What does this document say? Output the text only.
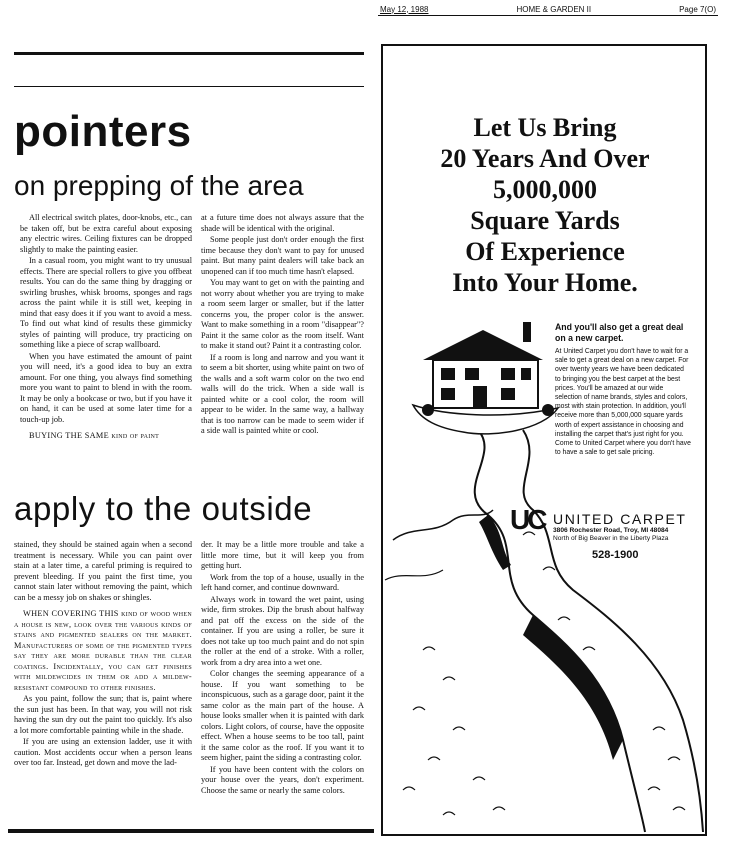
May 12, 1988	HOME & GARDEN II	Page 7(O)
pointers
on prepping of the area

All electrical switch plates, door-knobs, etc., can be taken off, but be extra careful about exposing any electric wires. Ceiling fixtures can be dropped slightly to make the painting easier.

In a casual room, you might want to try unusual effects. There are special rollers to give you offbeat results. You can do the same thing by dragging or swirling brushes, whisk brooms, sponges and rags across the paint while it is still wet, keeping in mind that easy does it if you want to avoid a mess. To find out what kind of results these gimmicky styles of painting will produce, try practicing on something like a piece of scrap wallboard.

When you have estimated the amount of paint you will need, it's a good idea to buy an extra amount. For one thing, you always find something more you want to paint to blend in with the room. It may be only a bookcase or two, but if you have it on hand, it can be used at some later time for a touch-up job.

BUYING THE SAME kind of paint

at a future time does not always assure that the shade will be identical with the original.

Some people just don't order enough the first time because they don't want to pay for unused paint. But many paint dealers will take back an unopened can if too much time hasn't elapsed.

You may want to get on with the painting and not worry about whether you are trying to make a room seem larger or smaller, but if the latter concerns you, the proper color is the answer. Want to make something in a room "disappear"? Paint it the same color as the room itself. Want to make it stand out? Paint it a contrasting color.

If a room is long and narrow and you want it to seem a bit shorter, using white paint on two of the walls and a soft warm color on the two end walls will do the trick. When a side wall is painted white or a cool color, the room will appear to be wider. In the same way, a hallway that is too narrow can be made to seem wider if a side wall is painted white or cool.

apply to the outside

stained, they should be stained again when a second treatment is necessary. While you can paint over stain at a later time, a careful priming is required to prevent bleeding. If you paint the first time, you cannot stain later without removing the paint, which can be a messy job on shakes or shingles.

WHEN COVERING THIS kind of wood when a house is new, look over the various kinds of stains and pigmented sealers on the market. Manufacturers of some of the pigmented types say they are more durable than the clear coatings. Incidentally, you can get finishes with mildewcides in them or add a mildew-resistant compound to other finishes.

As you paint, follow the sun; that is, paint where the sun just has been. In that way, you will not risk having the sun dry out the paint too quickly. It's also a lot more comfortable painting while in the shade.

If you are using an extension ladder, use it with caution. Most accidents occur when a person leans over too far. Instead, get down and move the lad-

der. It may be a little more trouble and take a little more time, but it will keep you from getting hurt.

Work from the top of a house, usually in the left hand corner, and continue downward.

Always work in toward the wet paint, using wide, firm strokes. Dip the brush about halfway and pat off the excess on the side of the container. If you are using a roller, be sure it does not take up too much paint and do not spin the roller at the end of a stroke. With a roller, work from a dry area into a wet one.

Color changes the seeming appearance of a house. If you want something to be inconspicuous, such as a garage door, paint it the same color as the main part of the house. A house looks smaller when it is painted with dark colors. Light colors, of course, have the opposite effect. When a house seems to be too tall, paint it the same color as the roof. If you want it to seem higher, paint the siding a contrasting color.

If you have been content with the colors on your house over the years, don't experiment. Choose the same or nearly the same colors.

Let Us Bring
20 Years And Over
5,000,000
Square Yards
Of Experience
Into Your Home.
And you'll also get a great deal on a new carpet.
At United Carpet you don't have to wait for a sale to get a great deal on a new carpet. For over twenty years we have been dedicated to bringing you the best carpet at the best prices. You'll be amazed at our wide selection of name brands, styles and colors, most with stain protection. In addition, you'll receive more than 5,000,000 square yards worth of expert assistance in choosing and installing the carpet that's just right for you. Come to United Carpet where you don't have to have a sale to get sale pricing.
UC UNITED CARPET
3806 Rochester Road, Troy, MI 48084
North of Big Beaver in the Liberty Plaza
528-1900
